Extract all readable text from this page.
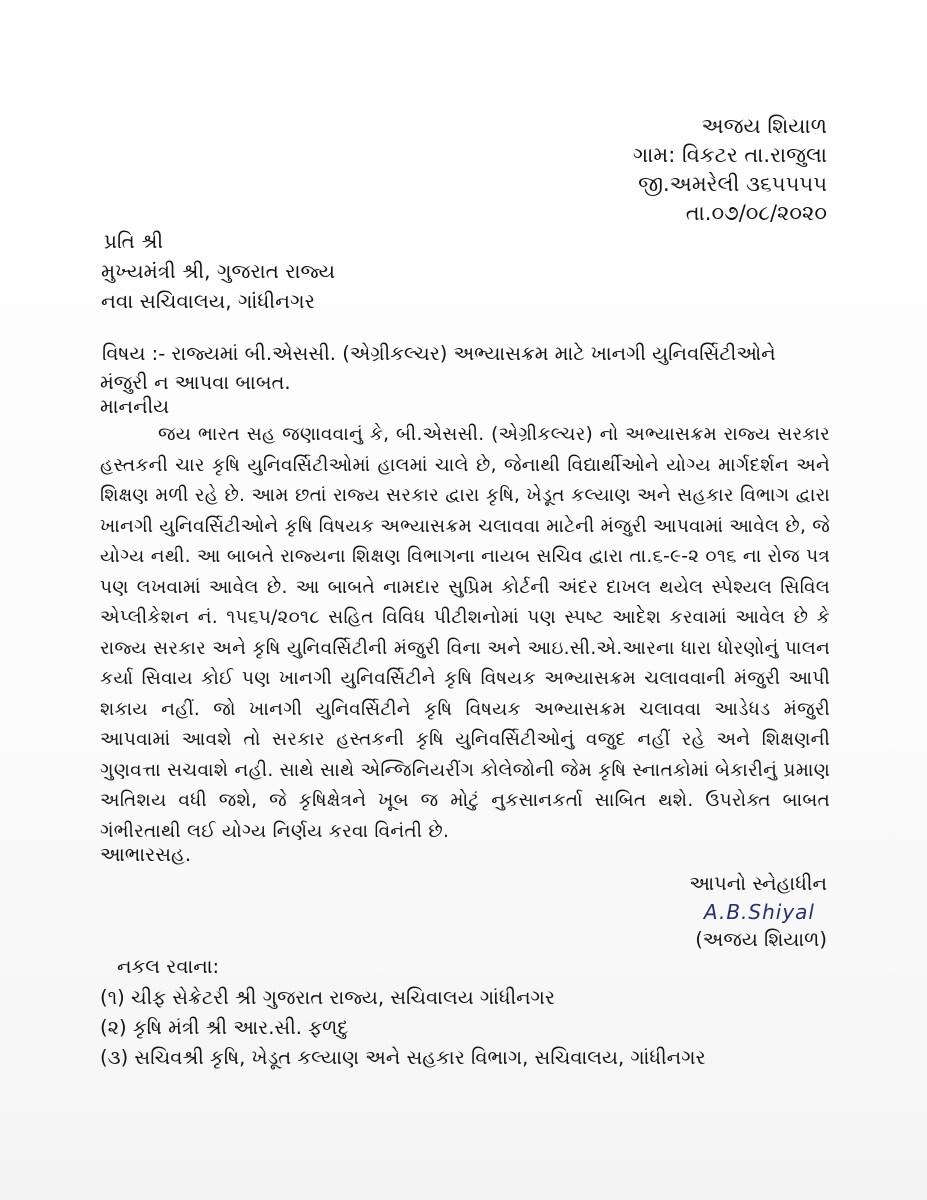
અજય શિયાળ
ગામ: વિકટર તા.રાજુલા
જી.અમરેલી ૩૬૫૫૫૫
તા.૦૭/૦૮/૨૦૨૦
પ્રતિ શ્રી
મુખ્યમંત્રી શ્રી, ગુજરાત રાજ્ય
નવા સચિવાલય, ગાંધીનગર
વિષય :- રાજ્યમાં બી.એસસી. (એગ્રીકલ્ચર) અભ્યાસક્રમ માટે ખાનગી યુનિવર્સિટીઓને
મંજુરી ન આપવા બાબત.
માનનીય

જય ભારત સહ જણાવવાનું કે, બી.એસસી. (એગ્રીકલ્ચર) નો અભ્યાસક્રમ રાજ્ય સરકાર હસ્તકની ચાર કૃષિ યુનિવર્સિટીઓમાં હાલમાં ચાલે છે, જેનાથી વિદ્યાર્થીઓને યોગ્ય માર્ગદર્શન અને શિક્ષણ મળી રહે છે. આમ છતાં રાજ્ય સરકાર દ્વારા કૃષિ, ખેડૂત કલ્યાણ અને સહકાર વિભાગ દ્વારા ખાનગી યુનિવર્સિટીઓને કૃષિ વિષયક અભ્યાસક્રમ ચલાવવા માટેની મંજુરી આપવામાં આવેલ છે, જે યોગ્ય નથી. આ બાબતે રાજ્યના શિક્ષણ વિભાગના નાયબ સચિવ દ્વારા તા.૬-૯-૨ ૦૧૬ ના રોજ પત્ર પણ લખવામાં આવેલ છે. આ બાબતે નામદાર સુપ્રિમ કોર્ટની અંદર દાખલ થયેલ સ્પેશ્યલ સિવિલ એપ્લીકેશન નં. ૧૫૬૫/૨૦૧૮ સહિત વિવિધ પીટીશનોમાં પણ સ્પષ્ટ આદેશ કરવામાં આવેલ છે કે રાજ્ય સરકાર અને કૃષિ યુનિવર્સિટીની મંજુરી વિના અને આઇ.સી.એ.આરના ધારા ધોરણોનું પાલન કર્યા સિવાય કોઈ પણ ખાનગી યુનિવર્સિટીને કૃષિ વિષયક અભ્યાસક્રમ ચલાવવાની મંજુરી આપી શકાય નહીં. જો ખાનગી યુનિવર્સિટીને કૃષિ વિષયક અભ્યાસક્રમ ચલાવવા આડેધડ મંજુરી આપવામાં આવશે તો સરકાર હસ્તકની કૃષિ યુનિવર્સિટીઓનું વજુદ નહીં રહે અને શિક્ષણની ગુણવત્તા સચવાશે નહી. સાથે સાથે એન્જિનિયરીંગ કોલેજોની જેમ કૃષિ સ્નાતકોમાં બેકારીનું પ્રમાણ અતિશય વધી જશે, જે કૃષિક્ષેત્રને ખૂબ જ મોટું નુકસાનકર્તા સાબિત થશે. ઉપરોક્ત બાબત ગંભીરતાથી લઈ યોગ્ય નિર્ણય કરવા વિનંતી છે.

આભારસહ.
આપનો સ્નેહાધીન
A.B.Shiyal
(અજય શિયાળ)
નકલ રવાના:
(૧) ચીફ સેક્રેટરી શ્રી ગુજરાત રાજ્ય, સચિવાલય ગાંધીનગર
(૨) કૃષિ મંત્રી શ્રી આર.સી. ફળદુ
(૩) સચિવશ્રી કૃષિ, ખેડૂત કલ્યાણ અને સહકાર વિભાગ, સચિવાલય, ગાંધીનગર
